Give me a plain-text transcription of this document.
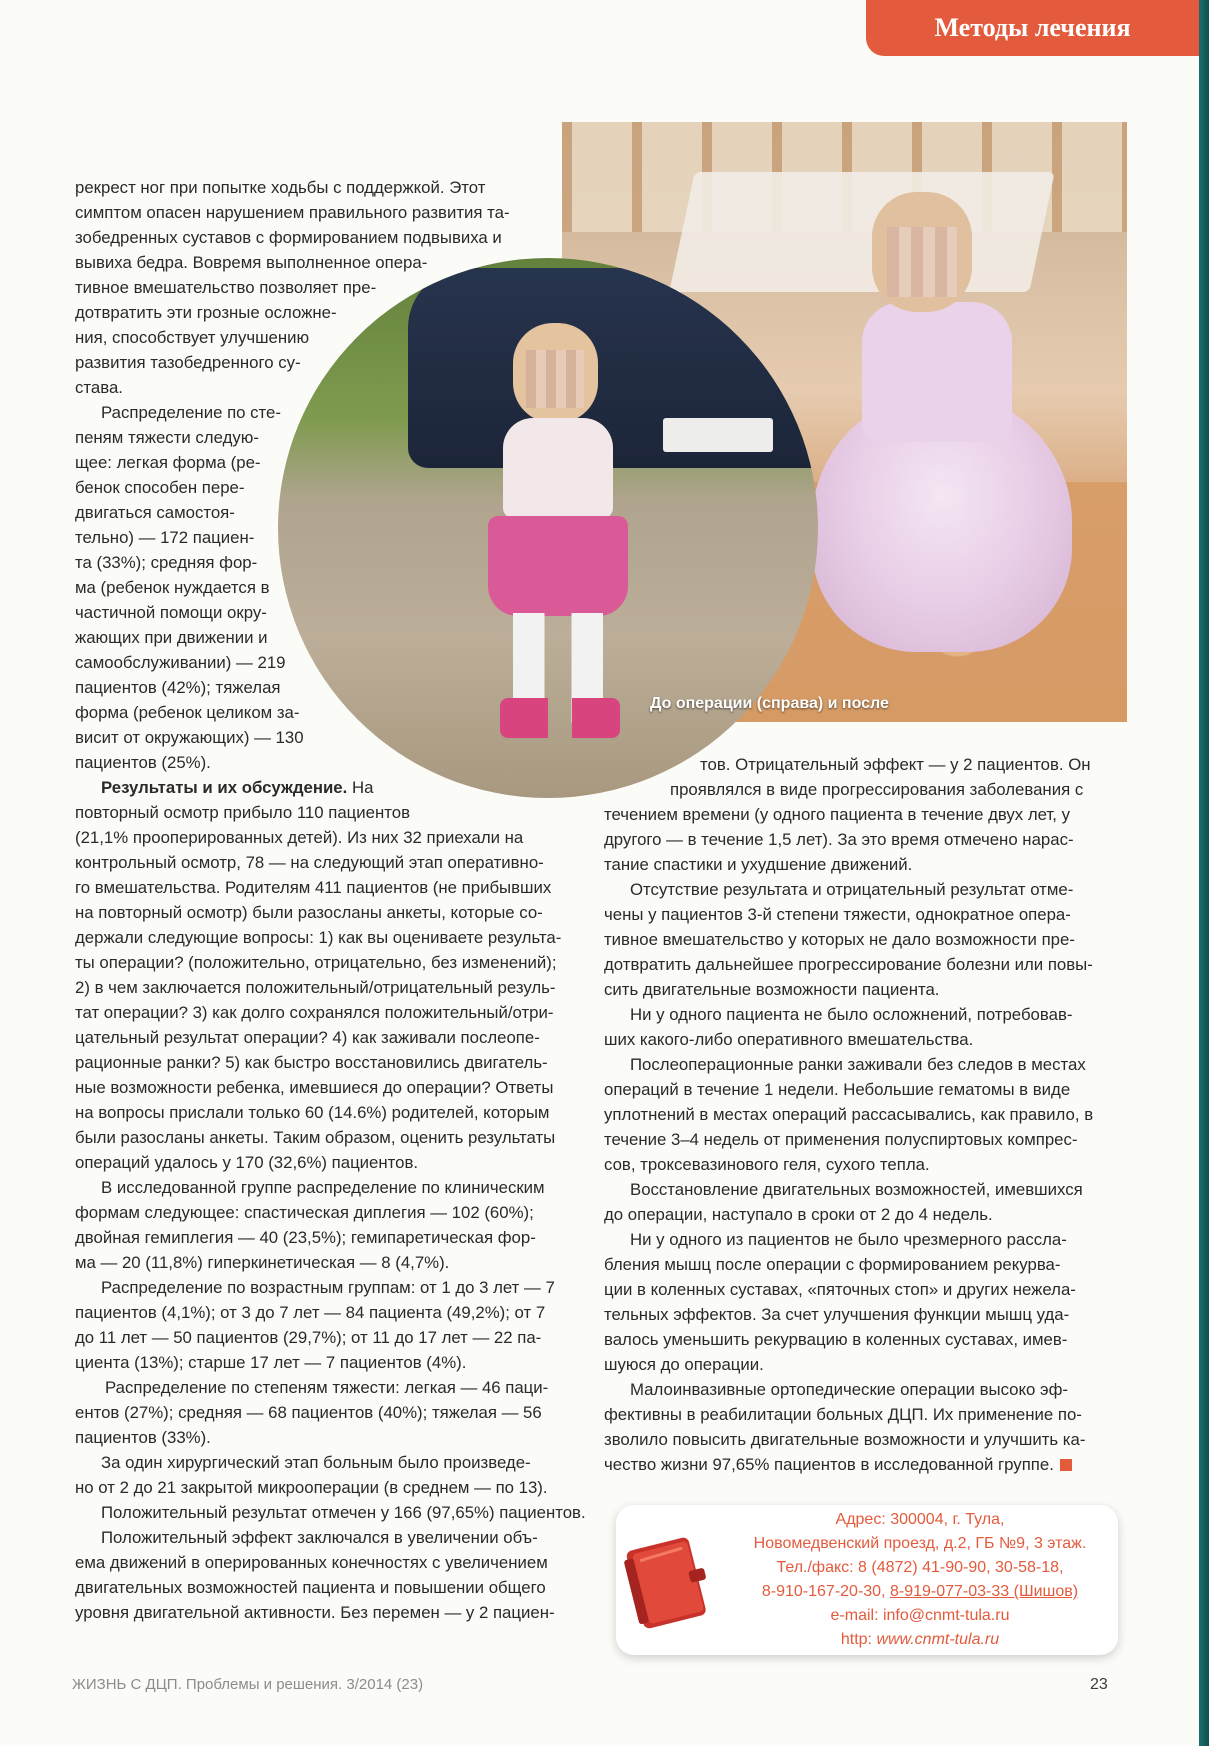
Методы лечения
До операции (справа) и после
рекрест ног при попытке ходьбы с поддержкой. Этот
симптом опасен нарушением правильного развития та-
зобедренных суставов с формированием подвывиха и
вывиха бедра. Вовремя выполненное опера-
тивное вмешательство позволяет пре-
дотвратить эти грозные осложне-
ния, способствует улучшению
развития тазобедренного су-
става.
Распределение по сте-
пеням тяжести следую-
щее: легкая форма (ре-
бенок способен пере-
двигаться самостоя-
тельно) — 172 пациен-
та (33%); средняя фор-
ма (ребенок нуждается в
частичной помощи окру-
жающих при движении и
самообслуживании) — 219
пациентов (42%); тяжелая
форма (ребенок целиком за-
висит от окружающих) — 130
пациентов (25%).
Результаты и их обсуждение. На
повторный осмотр прибыло 110 пациентов
(21,1% прооперированных детей). Из них 32 приехали на
контрольный осмотр, 78 — на следующий этап оперативно-
го вмешательства. Родителям 411 пациентов (не прибывших
на повторный осмотр) были разосланы анкеты, которые со-
держали следующие вопросы: 1) как вы оцениваете результа-
ты операции? (положительно, отрицательно, без изменений);
2) в чем заключается положительный/отрицательный резуль-
тат операции? 3) как долго сохранялся положительный/отри-
цательный результат операции? 4) как заживали послеопе-
рационные ранки? 5) как быстро восстановились двигатель-
ные возможности ребенка, имевшиеся до операции? Ответы
на вопросы прислали только 60 (14.6%) родителей, которым
были разосланы анкеты. Таким образом, оценить результаты
операций удалось у 170 (32,6%) пациентов.
В исследованной группе распределение по клиническим
формам следующее: спастическая диплегия — 102 (60%);
двойная гемиплегия — 40 (23,5%); гемипаретическая фор-
ма — 20 (11,8%) гиперкинетическая — 8 (4,7%).
Распределение по возрастным группам: от 1 до 3 лет — 7
пациентов (4,1%); от 3 до 7 лет — 84 пациента (49,2%); от 7
до 11 лет — 50 пациентов (29,7%); от 11 до 17 лет — 22 па-
циента (13%); старше 17 лет — 7 пациентов (4%).
Распределение по степеням тяжести: легкая — 46 паци-
ентов (27%); средняя — 68 пациентов (40%); тяжелая — 56
пациентов (33%).
За один хирургический этап больным было произведе-
но от 2 до 21 закрытой микрооперации (в среднем — по 13).
Положительный результат отмечен у 166 (97,65%) пациентов.
Положительный эффект заключался в увеличении объ-
ема движений в оперированных конечностях с увеличением
двигательных возможностей пациента и повышении общего
уровня двигательной активности. Без перемен — у 2 пациен-
тов. Отрицательный эффект — у 2 пациентов. Он
проявлялся в виде прогрессирования заболевания с
течением времени (у одного пациента в течение двух лет, у
другого — в течение 1,5 лет). За это время отмечено нарас-
тание спастики и ухудшение движений.
Отсутствие результата и отрицательный результат отме-
чены у пациентов 3-й степени тяжести, однократное опера-
тивное вмешательство у которых не дало возможности пре-
дотвратить дальнейшее прогрессирование болезни или повы-
сить двигательные возможности пациента.
Ни у одного пациента не было осложнений, потребовав-
ших какого-либо оперативного вмешательства.
Послеоперационные ранки заживали без следов в местах
операций в течение 1 недели. Небольшие гематомы в виде
уплотнений в местах операций рассасывались, как правило, в
течение 3–4 недель от применения полуспиртовых компрес-
сов, троксевазинового геля, сухого тепла.
Восстановление двигательных возможностей, имевшихся
до операции, наступало в сроки от 2 до 4 недель.
Ни у одного из пациентов не было чрезмерного рассла-
бления мышц после операции с формированием рекурва-
ции в коленных суставах, «пяточных стоп» и других нежела-
тельных эффектов. За счет улучшения функции мышц уда-
валось уменьшить рекурвацию в коленных суставах, имев-
шуюся до операции.
Малоинвазивные ортопедические операции высоко эф-
фективны в реабилитации больных ДЦП. Их применение по-
зволило повысить двигательные возможности и улучшить ка-
чество жизни 97,65% пациентов в исследованной группе.
Адрес: 300004, г. Тула,
Новомедвенский проезд, д.2, ГБ №9, 3 этаж.
Тел./факс: 8 (4872) 41-90-90, 30-58-18,
8-910-167-20-30, 8-919-077-03-33 (Шишов)
e-mail: info@cnmt-tula.ru
http: www.cnmt-tula.ru
ЖИЗНЬ С ДЦП. Проблемы и решения. 3/2014 (23)	23
